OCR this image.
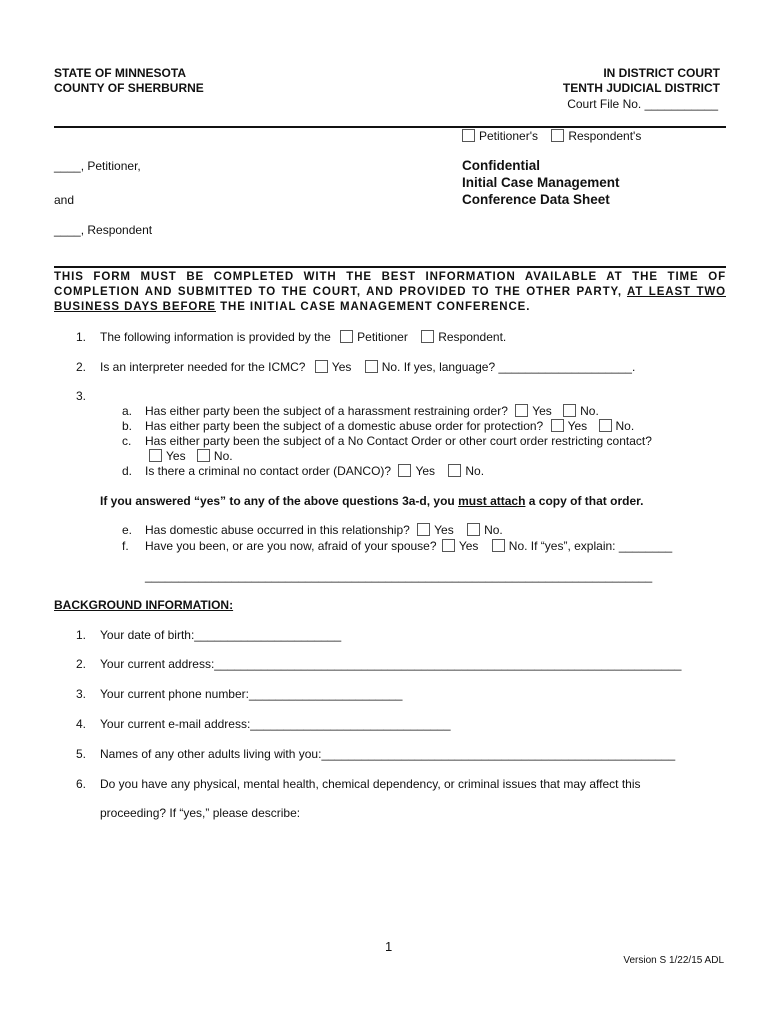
STATE OF MINNESOTA
COUNTY OF SHERBURNE
IN DISTRICT COURT
TENTH JUDICIAL DISTRICT
Court File No. ___________
Petitioner's	Respondent's
____, Petitioner,
and
____, Respondent
Confidential
Initial Case Management
Conference Data Sheet
THIS FORM MUST BE COMPLETED WITH THE BEST INFORMATION AVAILABLE AT THE TIME OF COMPLETION AND SUBMITTED TO THE COURT, AND PROVIDED TO THE OTHER PARTY, AT LEAST TWO BUSINESS DAYS BEFORE THE INITIAL CASE MANAGEMENT CONFERENCE.
1. The following information is provided by the Petitioner	Respondent.
2. Is an interpreter needed for the ICMC? Yes	No. If yes, language? ____________________.
3.
a. Has either party been the subject of a harassment restraining order? Yes No.
b. Has either party been the subject of a domestic abuse order for protection? Yes No.
c. Has either party been the subject of a No Contact Order or other court order restricting contact?
Yes No.
d. Is there a criminal no contact order (DANCO)? Yes	No.
If you answered “yes” to any of the above questions 3a-d, you must attach a copy of that order.
e. Has domestic abuse occurred in this relationship? Yes	No.
f. Have you been, or are you now, afraid of your spouse? Yes	No. If “yes”, explain: ________
____________________________________________________________________________
BACKGROUND INFORMATION:
1. Your date of birth:______________________
2. Your current address:______________________________________________________________________
3. Your current phone number:_______________________
4. Your current e-mail address:______________________________
5. Names of any other adults living with you:_____________________________________________________
6. Do you have any physical, mental health, chemical dependency, or criminal issues that may affect this
proceeding? If “yes,” please describe:
1
Version S 1/22/15 ADL
